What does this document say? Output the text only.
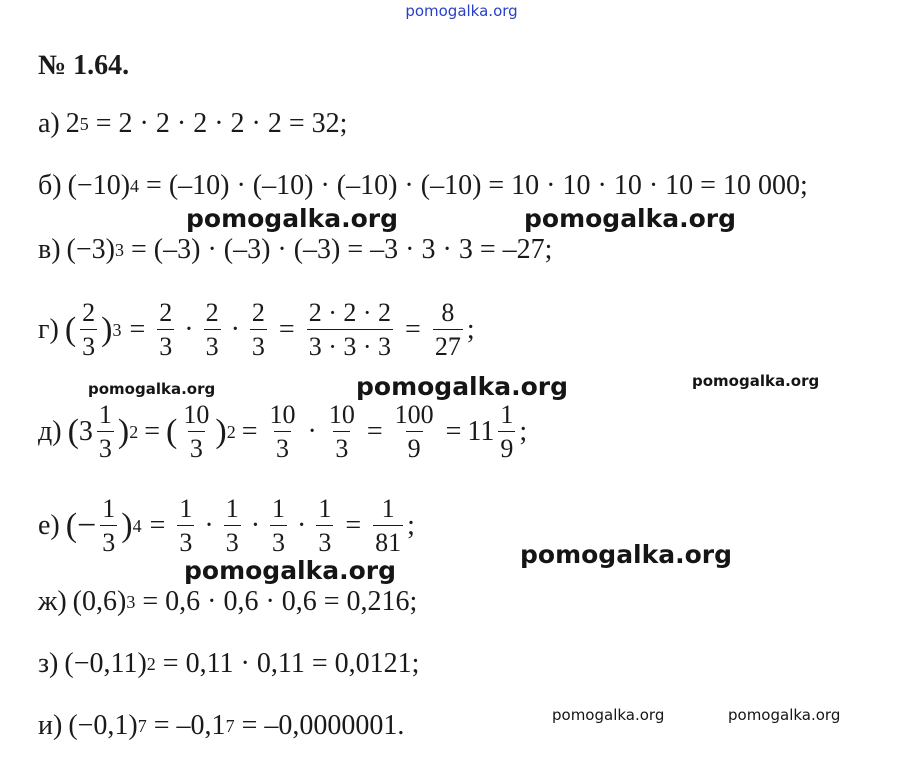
pomogalka.org
№ 1.64.
а) 2 5 = 2 · 2 · 2 · 2 · 2 = 32;
б) (−10) 4 = (–10) · (–10) · (–10) · (–10) = 10 · 10 · 10 · 10 = 10 000;
в) (−3) 3 = (–3) · (–3) · (–3) = –3 · 3 · 3 = –27;
г) ( $\frac{2}{3}$ ) $3 = \frac{2}{3} \cdot \frac{2}{3} \cdot \frac{2}{3} = \frac{2 \cdot 2 \cdot 2}{3 \cdot 3 \cdot 3} = \frac{8}{27}$ ;
д) ( $3 \frac{1}{3}$ ) 2 = ( $\frac{10}{3}$ ) $2 = \frac{10}{3} \cdot \frac{10}{3} = \frac{100}{9} = 11 \frac{1}{9}$ ;
е) (− $\frac{1}{3}$ ) $4 = \frac{1}{3} \cdot \frac{1}{3} \cdot \frac{1}{3} \cdot \frac{1}{3} = \frac{1}{81}$ ;
ж) (0,6) 3 = 0,6 · 0,6 · 0,6 = 0,216;
з) (−0,11) 2 = 0,11 · 0,11 = 0,0121;
и) (−0,1) 7 = –0,1 7 = –0,0000001.
pomogalka.org	pomogalka.org
pomogalka.org	pomogalka.org	pomogalka.org
pomogalka.org
pomogalka.org
pomogalka.org	pomogalka.org
